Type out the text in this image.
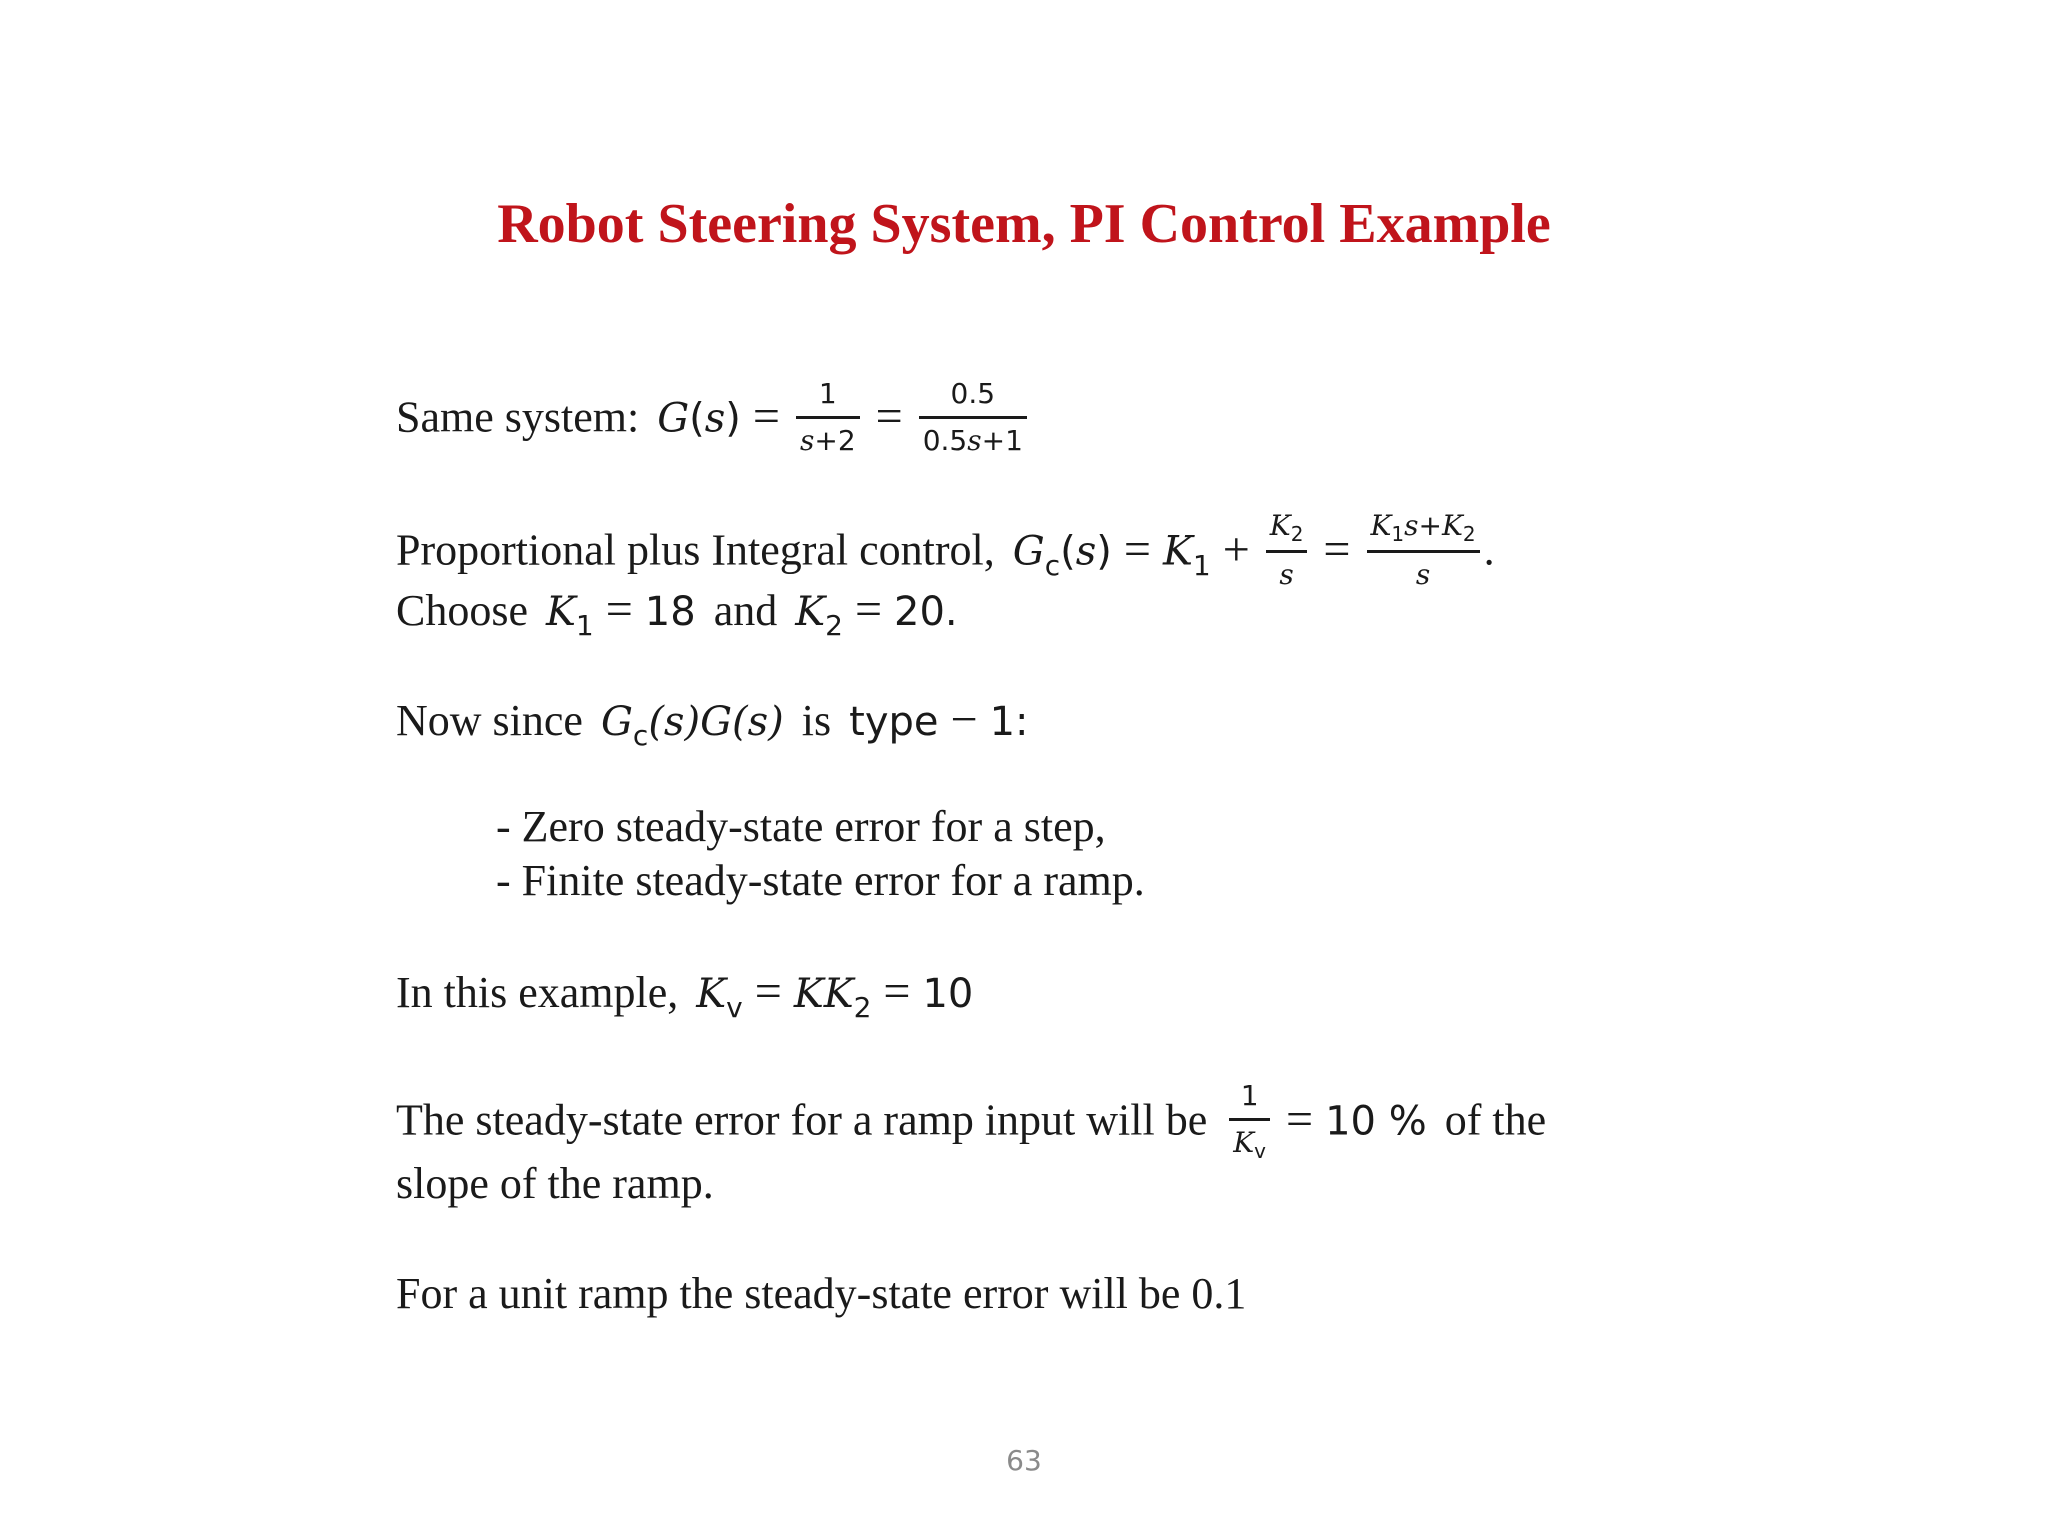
Robot Steering System, PI Control Example
Same system: $G(s) = \frac{1}{s+2} = \frac{0.5}{0.5s+1}$
Proportional plus Integral control, $G_c(s) = K_1 + \frac{K_2}{s} = \frac{K_1s+K_2}{s}$ .
Choose $K_1 = 18$ and $K_2 = 20$.
Now since $G_c(s)G(s)$ is type − 1:
- Zero steady-state error for a step,
- Finite steady-state error for a ramp.
In this example, $K_v = KK_2 = 10$
The steady-state error for a ramp input will be $\frac{1}{K_v} = 10$ % of the
slope of the ramp.
For a unit ramp the steady-state error will be 0.1
63
